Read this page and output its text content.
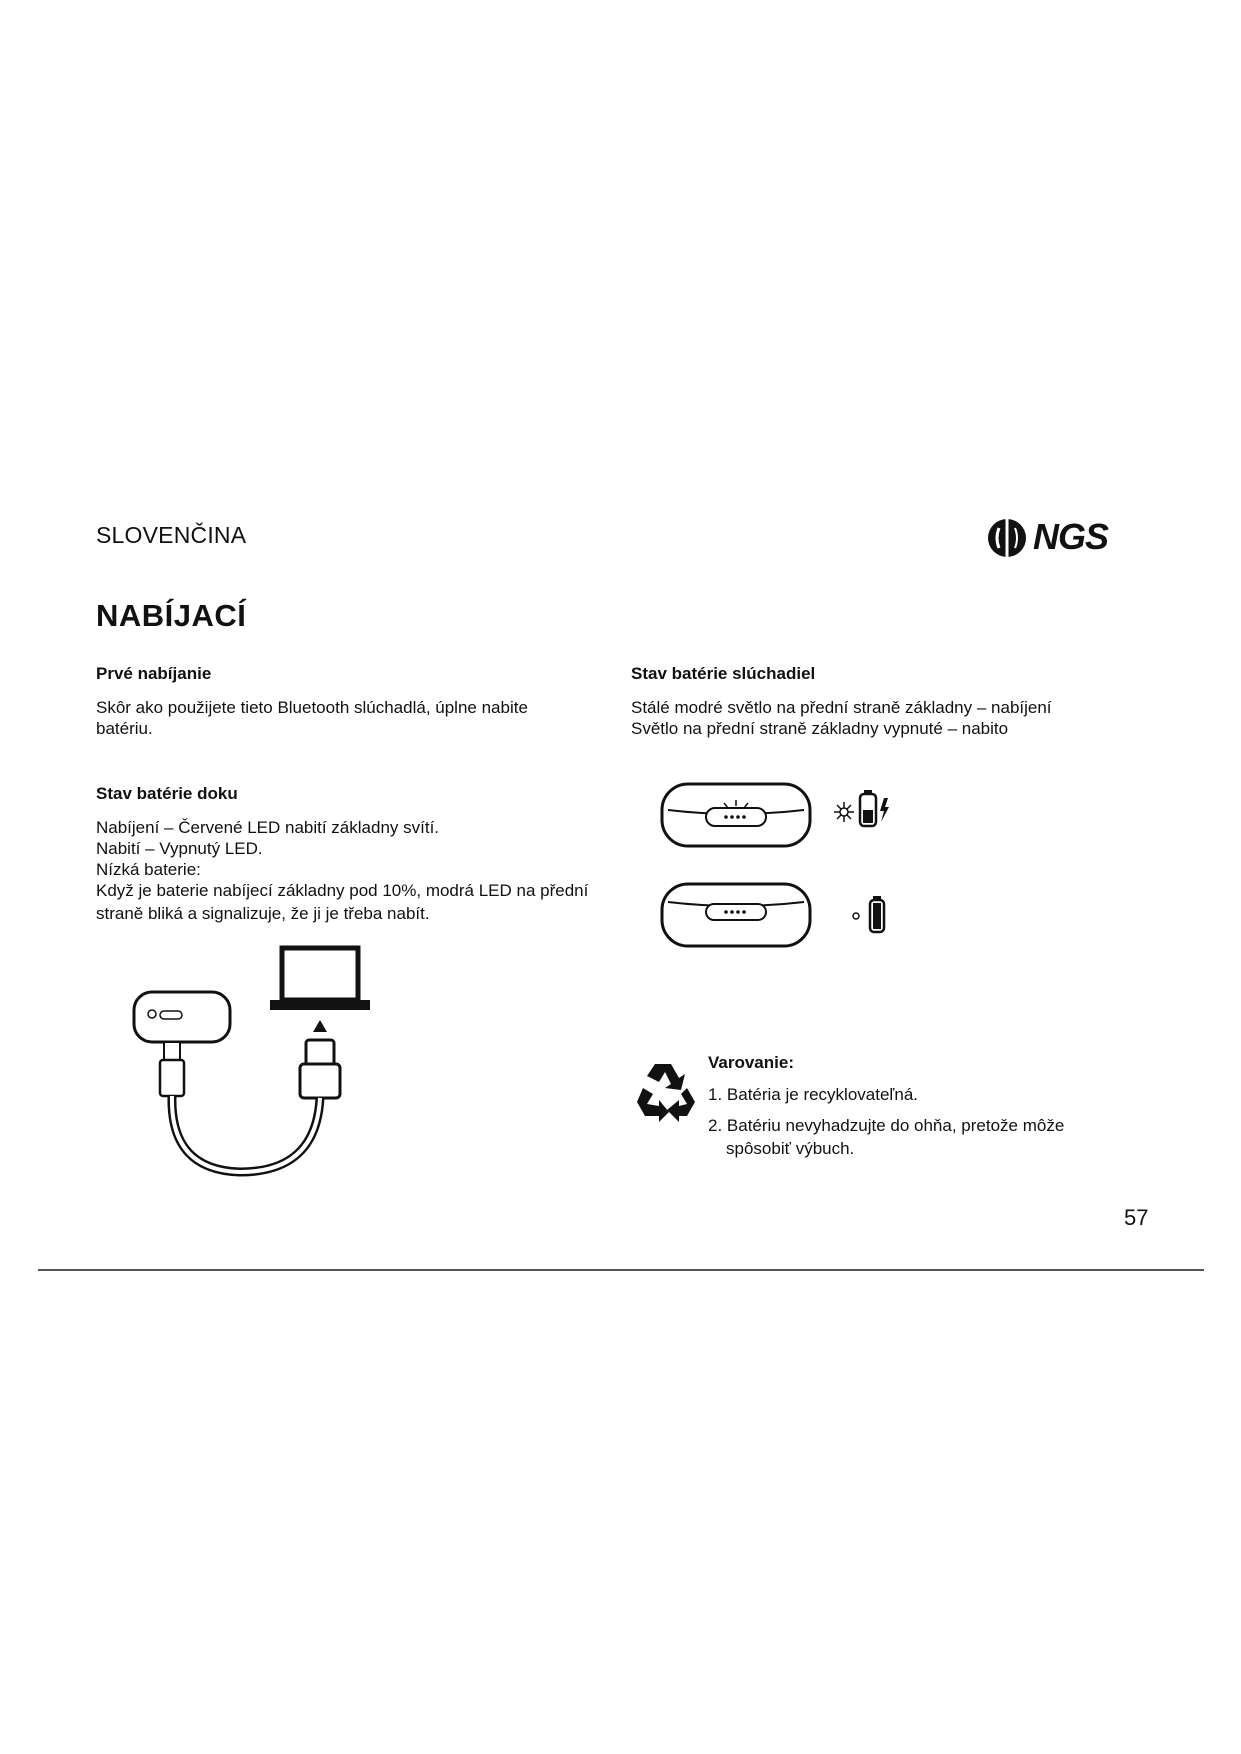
SLOVENČINA	NGS
NABÍJACÍ
Prvé nabíjanie
Skôr ako použijete tieto Bluetooth slúchadlá, úplne nabite
batériu.
Stav batérie doku
Nabíjení – Červené LED nabití základny svítí.
Nabití – Vypnutý LED.
Nízká baterie:
Když je baterie nabíjecí základny pod 10%, modrá LED na přední
straně bliká a signalizuje, že ji je třeba nabít.
Stav batérie slúchadiel
Stálé modré světlo na přední straně základny – nabíjení
Světlo na přední straně základny vypnuté – nabito
Varovanie:
1. Batéria je recyklovateľná.
2. Batériu nevyhadzujte do ohňa, pretože môže
spôsobiť výbuch.
57
